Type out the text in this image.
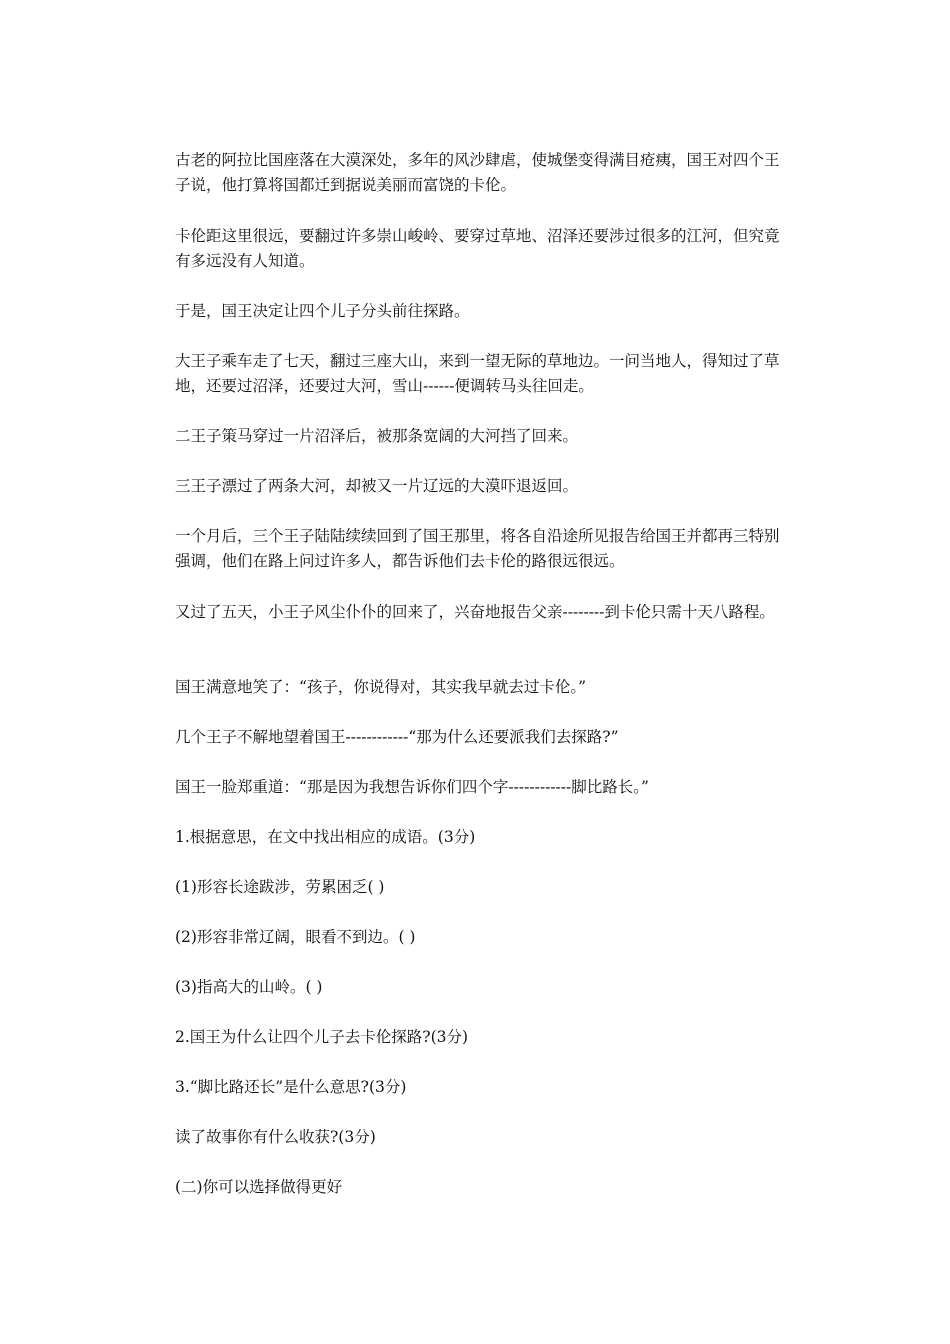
古老的阿拉比国座落在大漠深处，多年的风沙肆虐，使城堡变得满目疮痍，国王对四个王子说，他打算将国都迁到据说美丽而富饶的卡伦。

卡伦距这里很远，要翻过许多崇山峻岭、要穿过草地、沼泽还要涉过很多的江河，但究竟有多远没有人知道。

于是，国王决定让四个儿子分头前往探路。

大王子乘车走了七天，翻过三座大山，来到一望无际的草地边。一问当地人，得知过了草地，还要过沼泽，还要过大河，雪山------便调转马头往回走。

二王子策马穿过一片沼泽后，被那条宽阔的大河挡了回来。

三王子漂过了两条大河，却被又一片辽远的大漠吓退返回。

一个月后，三个王子陆陆续续回到了国王那里，将各自沿途所见报告给国王并都再三特别强调，他们在路上问过许多人，都告诉他们去卡伦的路很远很远。

又过了五天，小王子风尘仆仆的回来了，兴奋地报告父亲--------到卡伦只需十天八路程。

国王满意地笑了：“孩子，你说得对，其实我早就去过卡伦。”

几个王子不解地望着国王------------“那为什么还要派我们去探路?”

国王一脸郑重道：“那是因为我想告诉你们四个字------------脚比路长。”

1.根据意思，在文中找出相应的成语。(3分)

(1)形容长途跋涉，劳累困乏( )

(2)形容非常辽阔，眼看不到边。( )

(3)指高大的山岭。( )

2.国王为什么让四个儿子去卡伦探路?(3分)

3.“脚比路还长”是什么意思?(3分)

读了故事你有什么收获?(3分)

(二)你可以选择做得更好
